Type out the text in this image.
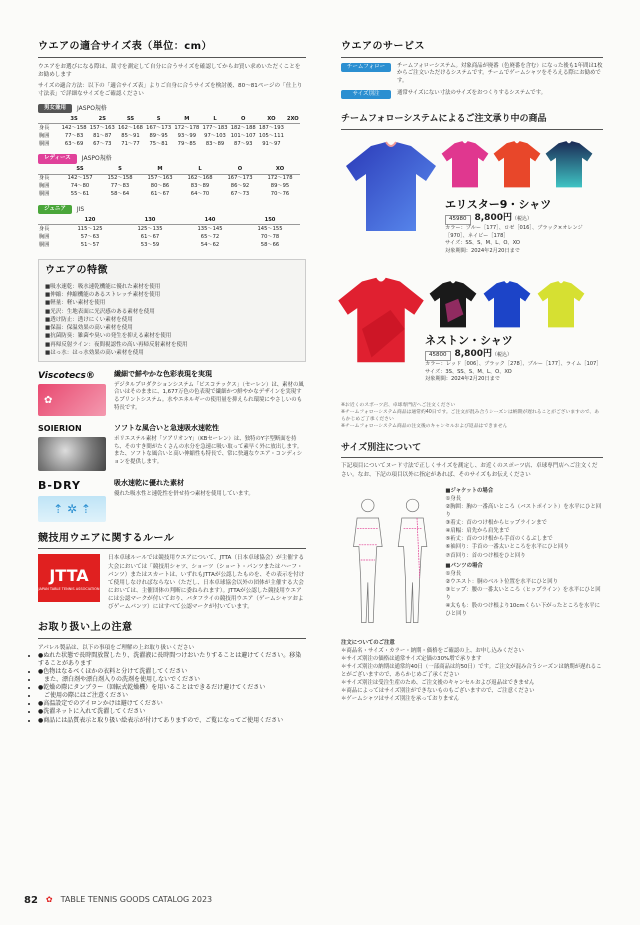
ウエアの適合サイズ表（単位：cm）
ウエアをお選びになる際は、裁寸を測定して自分に合うサイズを確認してからお買い求めいただくことをお勧めします
サイズの適合方法：以下の「適合サイズ表」よりご自身に合うサイズを検討後、80～81ページの「仕上り寸法表」で詳細なサイズをご確認ください
男女兼用	JASPO規格
	3S	2S	SS	S	M	L	O	XO	2XO
身長	142～158	157～163	162～168	167～173	172～178	177～183	182～188	187～193	
胸囲	77～83	81～87	85～91	89～95	93～99	97～103	101～107	105～111	
胴囲	63～69	67～73	71～77	75～81	79～85	83～89	87～93	91～97	
レディース	JASPO規格
	SS	S	M	L	O	XO
身長	142～157	152～158	157～163	162～168	167～173	172～178
胸囲	74～80	77～83	80～86	83～89	86～92	89～95
胴囲	55～61	58～64	61～67	64～70	67～73	70～76
ジュニア	JIS
	120	130	140	150
身長	115～125	125～135	135～145	145～155
胸囲	57～63	61～67	65～72	70～78
胴囲	51～57	53～59	54～62	58～66
ウエアの特徴
■吸水速乾：吸水速乾機能に優れた素材を使用
■伸縮：伸縮機能のあるストレッチ素材を使用
■軽量：軽い素材を使用
■光沢：生地表面に光沢感のある素材を使用
■透け防止：透けにくい素材を使用
■保温：保温効果の高い素材を使用
■抗菌防臭：雑菌や臭いの発生を抑える素材を使用
■再帰反射ライン：夜間視認性の高い再帰反射素材を使用
■はっ水：はっ水効果の高い素材を使用
Viscotecs®
✿
繊細で鮮やかな色彩表現を実現
デジタルプロダクションシステム「ビスコテックス」（セーレン）は、素材の風合いはそのままに、1,677万色の色表現で繊細かつ鮮やかなデザインを実現するプリントシステム。水やエネルギーの使用量を抑えられ環境にやさしいのも特長です。
SOIERION	ソフトな風合いと急速吸水速乾性
ポリエステル素材「ソアリオンY」（KBセーレン）は、独特のY字型断面を持ち、そのすき間がたくさんの水分を急速に吸い取って素早く外に放出します。また、ソフトな風合いと高い伸縮性も特長で、常に快適なウエア・コンディションを提供します。
B-DRY
⇡ ✲ ⇡
吸水速乾に優れた素材
優れた吸水性と速乾性を併せ持つ素材を使用しています。
競技用ウエアに関するルール
JTTA
JAPAN TABLE TENNIS ASSOCIATION
日本卓球ルールでは競技用ウエアについて、JTTA（日本卓球協会）が主催する大会においては「競技用シャツ、ショーツ（ショート・パンツまたはハーフ・パンツ）またはスカートは、いずれもJTTAが公認したものを、その表示を付けて使用しなければならない（ただし、日本卓球協会以外の団体が主催する大会においては、主催団体の判断に委ねられます）。JTTAが公認した競技用ウエアには公認マークが付いており、バタフライの競技用ウエア（ゲームシャツおよびゲームパンツ）にはすべて公認マークが付いています。
お取り扱い上の注意
アパレル製品は、以下の事項をご理解の上お取り扱いください
• ●ぬれた状態で長時間放置したり、洗濯液に長時間つけおいたりすることは避けてください。移染することがあります
• ●色物はなるべくほかの衣料と分けて洗濯してください
• 　また、漂白剤や漂白剤入りの洗剤を使用しないでください
• ●乾燥の際にタンブラー（回転式乾燥機）を用いることはできるだけ避けてください
• 　ご使用の際にはご注意ください
• ●高温設定でのアイロンかけは避けてください
• ●洗濯ネットに入れて洗濯してください
• ●商品には品質表示と取り扱い絵表示が付けてありますので、ご覧になってご使用ください
ウエアのサービス
チームフォロー	チームフォローシステム。対象商品が廃番（色廃番を含む）になった後も1年間は1枚からご注文いただけるシステムです。チームでゲームシャツをそろえる際にお勧めです。
サイズ別注	通常サイズにない寸法のサイズをおつくりするシステムです。
チームフォローシステムによるご注文承り中の商品
エリスター9・シャツ
45980 8,800円（税込）
カラー：ブルー［177］、ロゼ［016］、ブラック×オレンジ［970］、ネイビー［178］
サイズ：SS、S、M、L、O、XO
対象期間：2024年2月20日まで
ネストン・シャツ
45800 8,800円（税込）
カラー：レッド［006］、ブラック［278］、ブルー［177］、ライム［107］
サイズ：3S、SS、S、M、L、O、XO
対象期間：2024年2月20日まで
※お近くのスポーツ店、卓球専門店へご注文ください
※チームフォローシステム商品は通常約40日です。ご注文が混み合うシーズンは納期が遅れることがございますので、あらかじめご了承ください
※チームフォローシステム商品の注文後のキャンセルおよび返品はできません
サイズ別注について
下記項目についてヌード寸法で正しくサイズを測定し、お近くのスポーツ店、卓球専門店へご注文ください。なお、下記の項目以外に指定があれば、そのサイズもお伝えください
■ジャケットの場合
①身長
②胸囲：胸の一番高いところ（バストポイント）を水平にひと回り
③着丈：首のつけ根からヒップラインまで
④肩幅：肩先から肩先まで
⑤裄丈：首のつけ根から手首のくるぶしまで
⑥袖回り：手首の一番太いところを水平にひと回り
⑦首回り：首のつけ根をひと回り
■パンツの場合
①身長
②ウエスト：胴のベルト位置を水平にひと回り
③ヒップ：腰の一番太いところ（ヒップライン）を水平にひと回り
④太もも：股のつけ根より10cmくらい下がったところを水平にひと回り
注文についてのご注意
＊商品名・サイズ・カラー・納期・価格をご確認の上、お申し込みください
＊サイズ別注の価格は通常サイズ定価の30%増で承ります
＊サイズ別注の納期は通常約40日（一部商品は約50日）です。ご注文が混み合うシーズンは納期が遅れることがございますので、あらかじめご了承ください
＊サイズ別注は受注生産のため、ご注文後のキャンセルおよび返品はできません
＊商品によってはサイズ別注ができないものもございますので、ご注意ください
＊ゲームシャツはサイズ別注を承っておりません
82 ✿ TABLE TENNIS GOODS CATALOG 2023
